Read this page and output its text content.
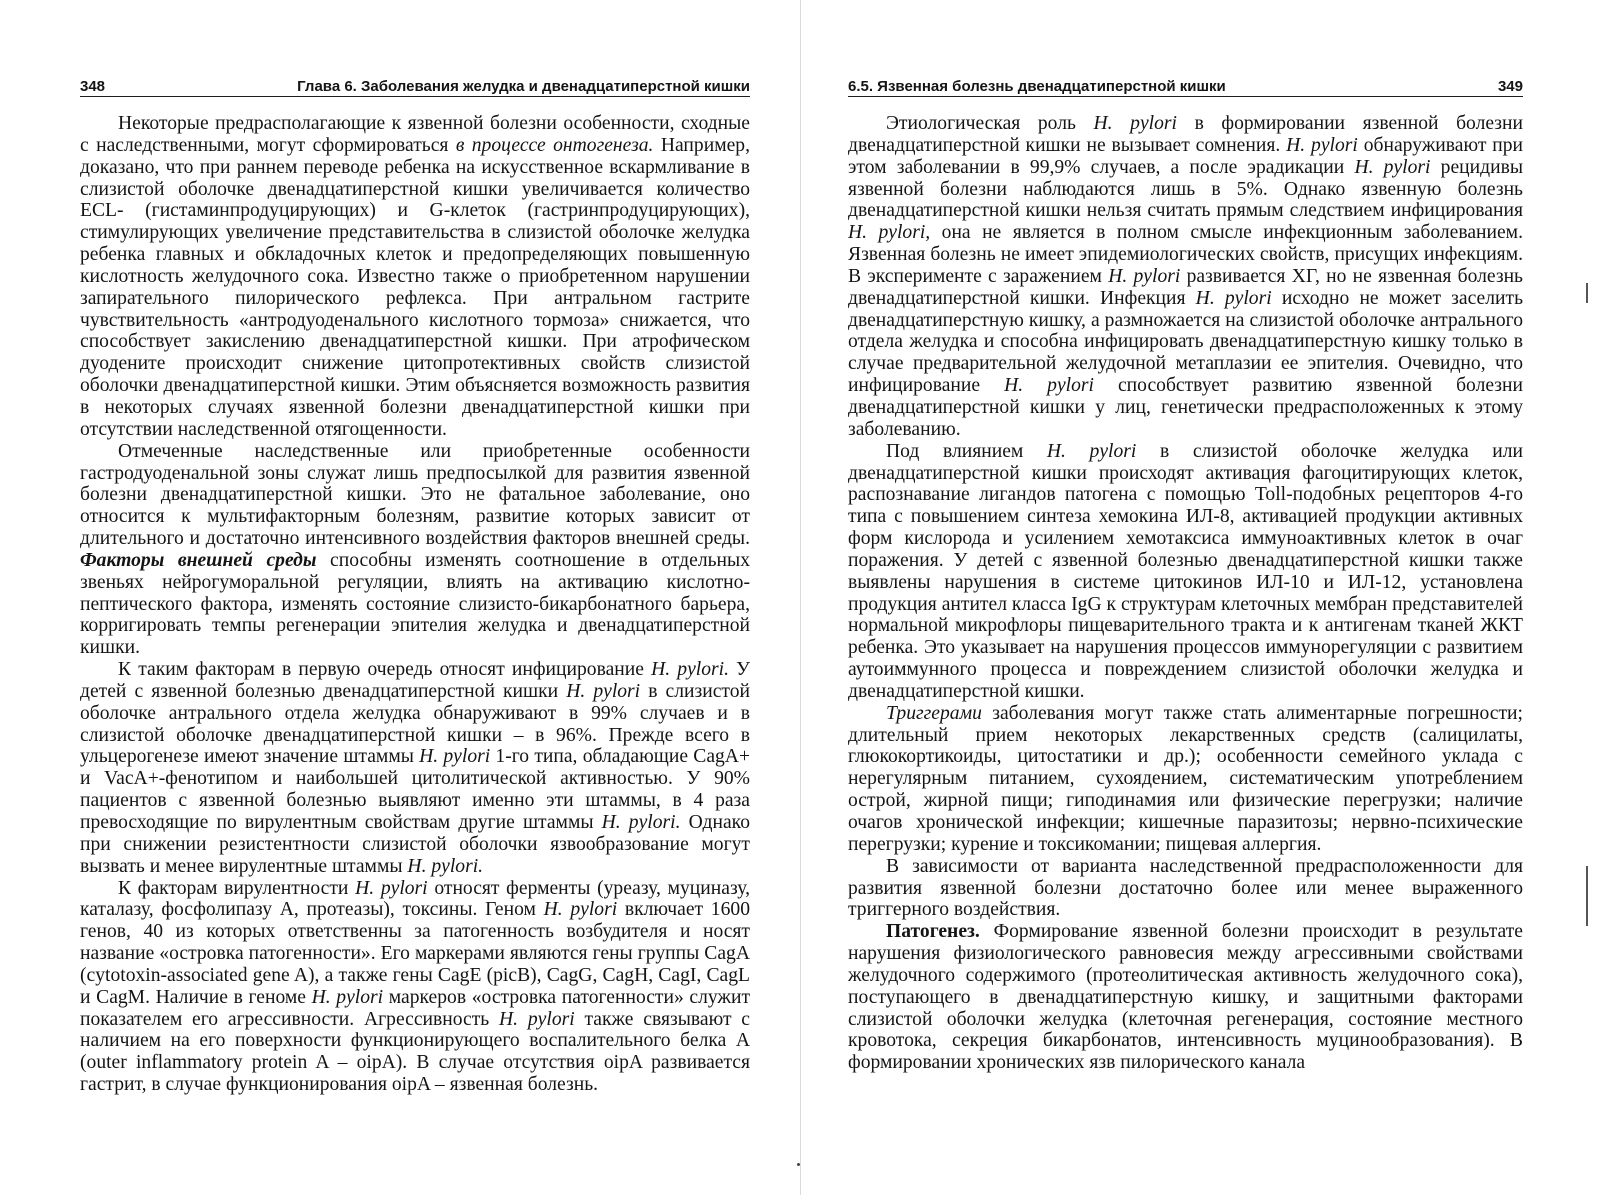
348	Глава 6. Заболевания желудка и двенадцатиперстной кишки

Некоторые предрасполагающие к язвенной болезни особенности, сходные с наследственными, могут сформироваться в процессе онтогенеза. Например, доказано, что при раннем переводе ребенка на искусственное вскармливание в слизистой оболочке двенадцатиперстной кишки увеличивается количество ECL- (гистаминпродуцирующих) и G-клеток (гастринпродуцирующих), стимулирующих увеличение представительства в слизистой оболочке желудка ребенка главных и обкладочных клеток и предопределяющих повышенную кислотность желудочного сока. Известно также о приобретенном нарушении запирательного пилорического рефлекса. При антральном гастрите чувствительность «антродуоденального кислотного тормоза» снижается, что способствует закислению двенадцатиперстной кишки. При атрофическом дуодените происходит снижение цитопротективных свойств слизистой оболочки двенадцатиперстной кишки. Этим объясняется возможность развития в некоторых случаях язвенной болезни двенадцатиперстной кишки при отсутствии наследственной отягощенности.

Отмеченные наследственные или приобретенные особенности гастродуоденальной зоны служат лишь предпосылкой для развития язвенной болезни двенадцатиперстной кишки. Это не фатальное заболевание, оно относится к мультифакторным болезням, развитие которых зависит от длительного и достаточно интенсивного воздействия факторов внешней среды. Факторы внешней среды способны изменять соотношение в отдельных звеньях нейрогуморальной регуляции, влиять на активацию кислотно-пептического фактора, изменять состояние слизисто-бикарбонатного барьера, корригировать темпы регенерации эпителия желудка и двенадцатиперстной кишки.

К таким факторам в первую очередь относят инфицирование H. pylori. У детей с язвенной болезнью двенадцатиперстной кишки H. pylori в слизистой оболочке антрального отдела желудка обнаруживают в 99% случаев и в слизистой оболочке двенадцатиперстной кишки – в 96%. Прежде всего в ульцерогенезе имеют значение штаммы H. pylori 1-го типа, обладающие CagA+ и VacA+-фенотипом и наибольшей цитолитической активностью. У 90% пациентов с язвенной болезнью выявляют именно эти штаммы, в 4 раза превосходящие по вирулентным свойствам другие штаммы H. pylori. Однако при снижении резистентности слизистой оболочки язвообразование могут вызвать и менее вирулентные штаммы H. pylori.

К факторам вирулентности H. pylori относят ферменты (уреазу, муциназу, каталазу, фосфолипазу A, протеазы), токсины. Геном H. pylori включает 1600 генов, 40 из которых ответственны за патогенность возбудителя и носят название «островка патогенности». Его маркерами являются гены группы CagA (cytotoxin-associated gene A), а также гены CagE (picB), CagG, CagH, CagI, CagL и CagM. Наличие в геноме H. pylori маркеров «островка патогенности» служит показателем его агрессивности. Агрессивность H. pylori также связывают с наличием на его поверхности функционирующего воспалительного белка A (outer inflammatory protein A – oipA). В случае отсутствия oipA развивается гастрит, в случае функционирования oipA – язвенная болезнь.

6.5. Язвенная болезнь двенадцатиперстной кишки	349

Этиологическая роль H. pylori в формировании язвенной болезни двенадцатиперстной кишки не вызывает сомнения. H. pylori обнаруживают при этом заболевании в 99,9% случаев, а после эрадикации H. pylori рецидивы язвенной болезни наблюдаются лишь в 5%. Однако язвенную болезнь двенадцатиперстной кишки нельзя считать прямым следствием инфицирования H. pylori, она не является в полном смысле инфекционным заболеванием. Язвенная болезнь не имеет эпидемиологических свойств, присущих инфекциям. В эксперименте с заражением H. pylori развивается ХГ, но не язвенная болезнь двенадцатиперстной кишки. Инфекция H. pylori исходно не может заселить двенадцатиперстную кишку, а размножается на слизистой оболочке антрального отдела желудка и способна инфицировать двенадцатиперстную кишку только в случае предварительной желудочной метаплазии ее эпителия. Очевидно, что инфицирование H. pylori способствует развитию язвенной болезни двенадцатиперстной кишки у лиц, генетически предрасположенных к этому заболеванию.

Под влиянием H. pylori в слизистой оболочке желудка или двенадцатиперстной кишки происходят активация фагоцитирующих клеток, распознавание лигандов патогена с помощью Toll-подобных рецепторов 4-го типа с повышением синтеза хемокина ИЛ-8, активацией продукции активных форм кислорода и усилением хемотаксиса иммуноактивных клеток в очаг поражения. У детей с язвенной болезнью двенадцатиперстной кишки также выявлены нарушения в системе цитокинов ИЛ-10 и ИЛ-12, установлена продукция антител класса IgG к структурам клеточных мембран представителей нормальной микрофлоры пищеварительного тракта и к антигенам тканей ЖКТ ребенка. Это указывает на нарушения процессов иммунорегуляции с развитием аутоиммунного процесса и повреждением слизистой оболочки желудка и двенадцатиперстной кишки.

Триггерами заболевания могут также стать алиментарные погрешности; длительный прием некоторых лекарственных средств (салицилаты, глюкокортикоиды, цитостатики и др.); особенности семейного уклада с нерегулярным питанием, сухоядением, систематическим употреблением острой, жирной пищи; гиподинамия или физические перегрузки; наличие очагов хронической инфекции; кишечные паразитозы; нервно-психические перегрузки; курение и токсикомании; пищевая аллергия.

В зависимости от варианта наследственной предрасположенности для развития язвенной болезни достаточно более или менее выраженного триггерного воздействия.

Патогенез. Формирование язвенной болезни происходит в результате нарушения физиологического равновесия между агрессивными свойствами желудочного содержимого (протеолитическая активность желудочного сока), поступающего в двенадцатиперстную кишку, и защитными факторами слизистой оболочки желудка (клеточная регенерация, состояние местного кровотока, секреция бикарбонатов, интенсивность муцинообразования). В формировании хронических язв пилорического канала
